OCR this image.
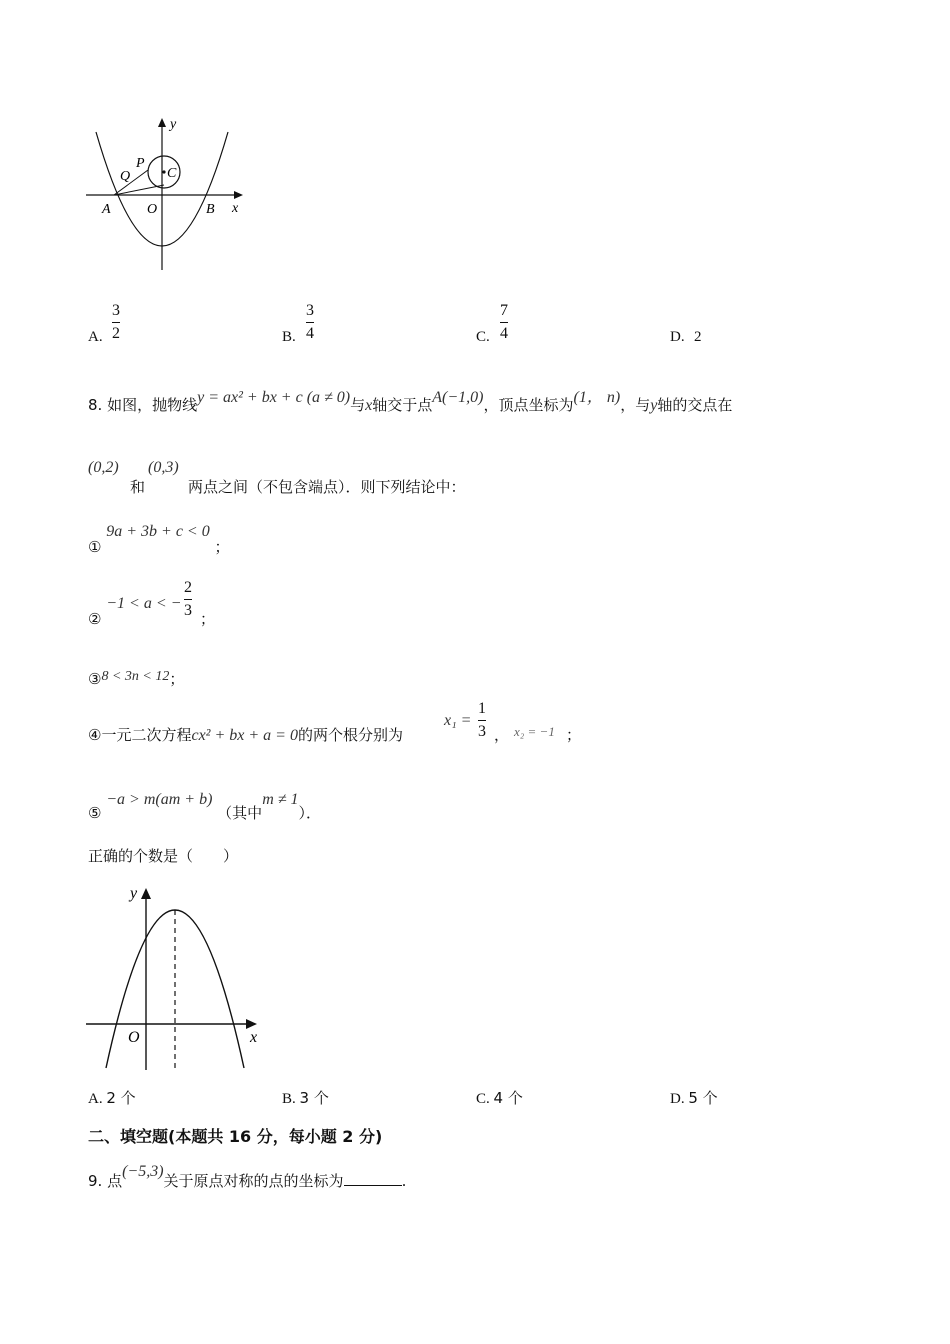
y
x
O
A	B
P
Q	C
A.
3
2	B.
3
4	C.
7
4	D. 2
8. 如图，抛物线y = ax² + bx + c (a ≠ 0)与x轴交于点A(−1,0)，顶点坐标为(1， n)，与y轴的交点在
(0,2)
和
(0,3)
两点之间（不包含端点）．则下列结论中：
① 9a + 3b + c < 0 ；
② −1 < a < −
2
3 ；
③8 < 3n < 12；
④一元二次方程cx² + bx + a = 0的两个根分别为
x₁ =
1
3 ， x₂ = −1 ；
⑤ −a > m(am + b) （其中m ≠ 1）．
正确的个数是（　　）
y
x
O
A. 2 个	B. 3 个	C. 4 个	D. 5 个
二、填空题(本题共 16 分，每小题 2 分)
9. 点(−5,3)关于原点对称的点的坐标为	.
